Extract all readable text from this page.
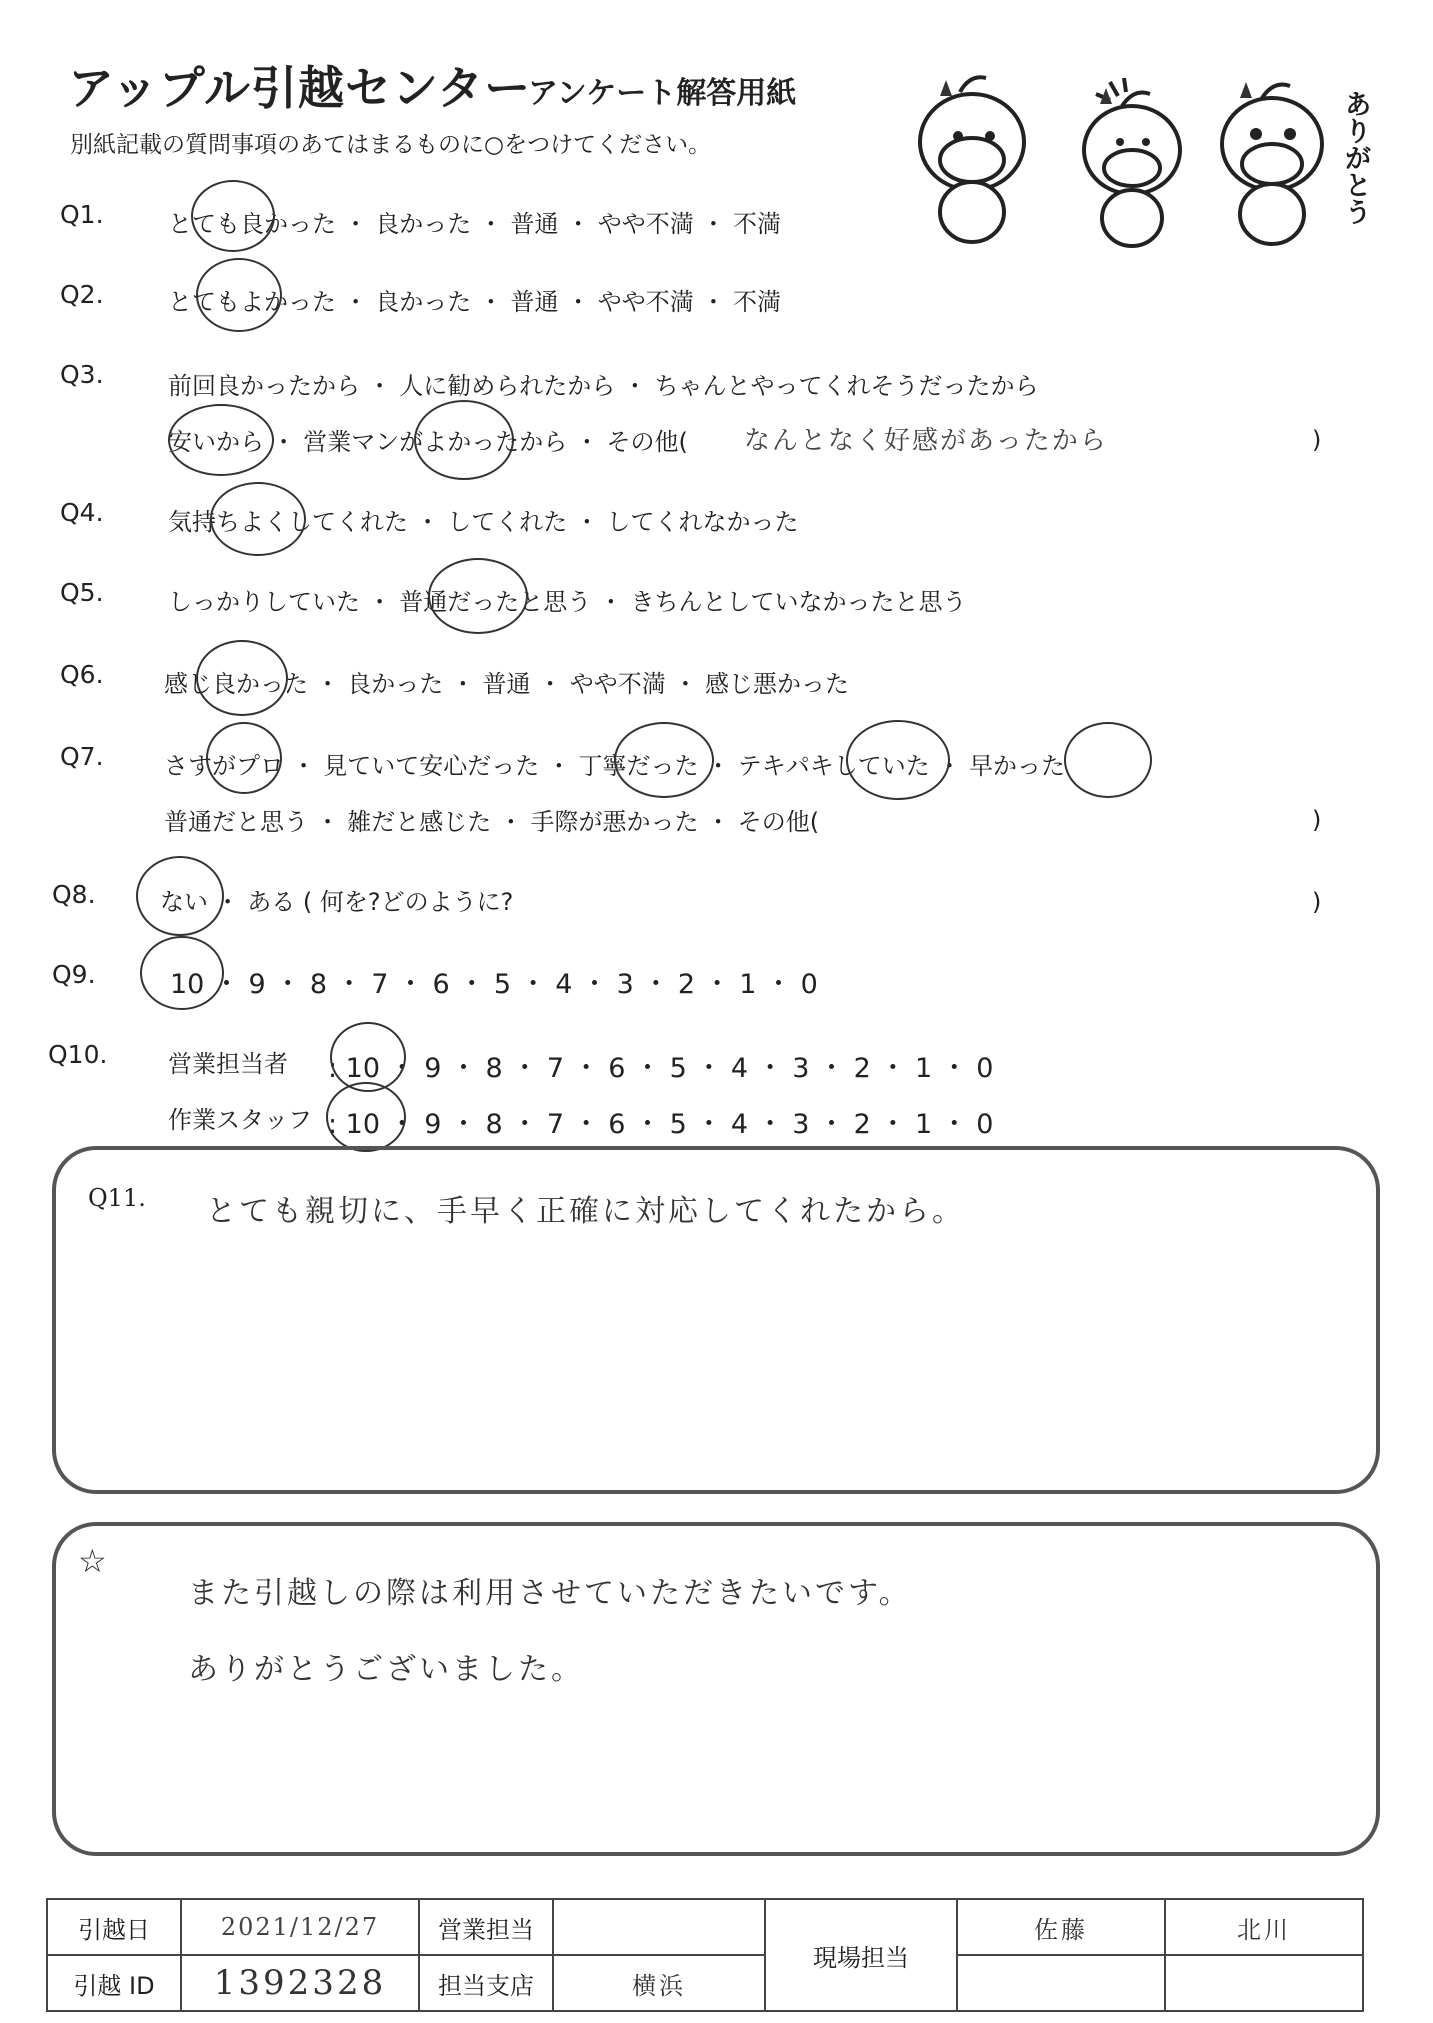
アップル引越センター
アンケート解答用紙
別紙記載の質問事項のあてはまるものに○をつけてください。	ありがとう
Q1.	とても良かった ・ 良かった ・ 普通 ・ やや不満 ・ 不満
Q2.	とてもよかった ・ 良かった ・ 普通 ・ やや不満 ・ 不満
Q3.	前回良かったから ・ 人に勧められたから ・ ちゃんとやってくれそうだったから
安いから ・ 営業マンがよかったから ・ その他( なんとなく好感があったから	)
Q4.	気持ちよくしてくれた ・ してくれた ・ してくれなかった
Q5.	しっかりしていた ・ 普通だったと思う ・ きちんとしていなかったと思う
Q6.	感じ良かった ・ 良かった ・ 普通 ・ やや不満 ・ 感じ悪かった
Q7.	さすがプロ ・ 見ていて安心だった ・ 丁寧だった ・ テキパキしていた ・ 早かった
普通だと思う ・ 雑だと感じた ・ 手際が悪かった ・ その他(	)
Q8.	ない ・ ある ( 何を?どのように?	)
Q9.	10 ・ 9 ・ 8 ・ 7 ・ 6 ・ 5 ・ 4 ・ 3 ・ 2 ・ 1 ・ 0
Q10.	営業担当者 : 10 ・ 9 ・ 8 ・ 7 ・ 6 ・ 5 ・ 4 ・ 3 ・ 2 ・ 1 ・ 0
作業スタッフ : 10 ・ 9 ・ 8 ・ 7 ・ 6 ・ 5 ・ 4 ・ 3 ・ 2 ・ 1 ・ 0
Q11. とても親切に、手早く正確に対応してくれたから。
☆
また引越しの際は利用させていただきたいです。
ありがとうございました。
引越日	2021/12/27	営業担当		現場担当	佐藤	北川
引越 ID	1392328	担当支店	横浜			
